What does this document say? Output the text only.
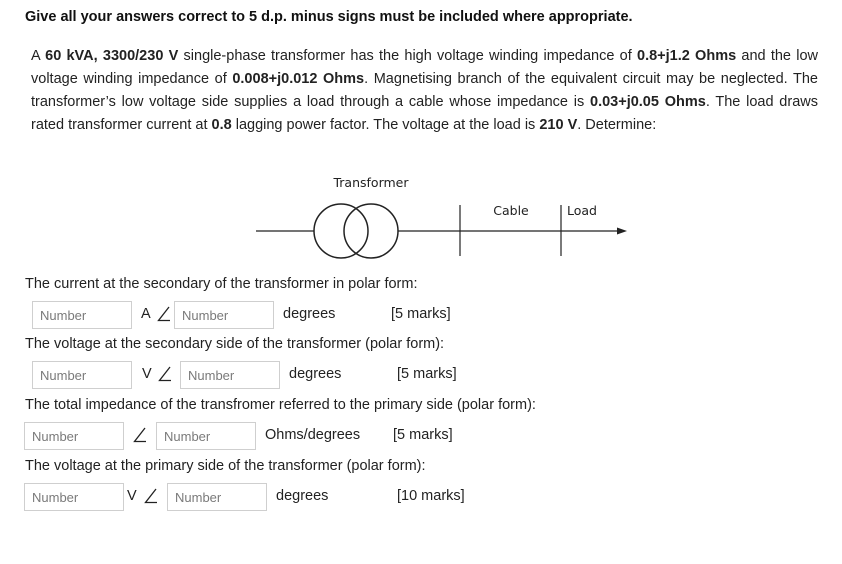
Give all your answers correct to 5 d.p. minus signs must be included where appropriate.
A 60 kVA, 3300/230 V single-phase transformer has the high voltage winding impedance of 0.8+j1.2 Ohms and the low voltage winding impedance of 0.008+j0.012 Ohms. Magnetising branch of the equivalent circuit may be neglected. The transformer’s low voltage side supplies a load through a cable whose impedance is 0.03+j0.05 Ohms. The load draws rated transformer current at 0.8 lagging power factor. The voltage at the load is 210 V. Determine:
Transformer
Cable	Load
The current at the secondary of the transformer in polar form:
Number
A
Number	degrees	[5 marks]
The voltage at the secondary side of the transformer (polar form):
Number
V
Number	degrees	[5 marks]
The total impedance of the transfromer referred to the primary side (polar form):
Number
Number
Ohms/degrees [5 marks]
The voltage at the primary side of the transformer (polar form):
Number
V
Number	degrees	[10 marks]
